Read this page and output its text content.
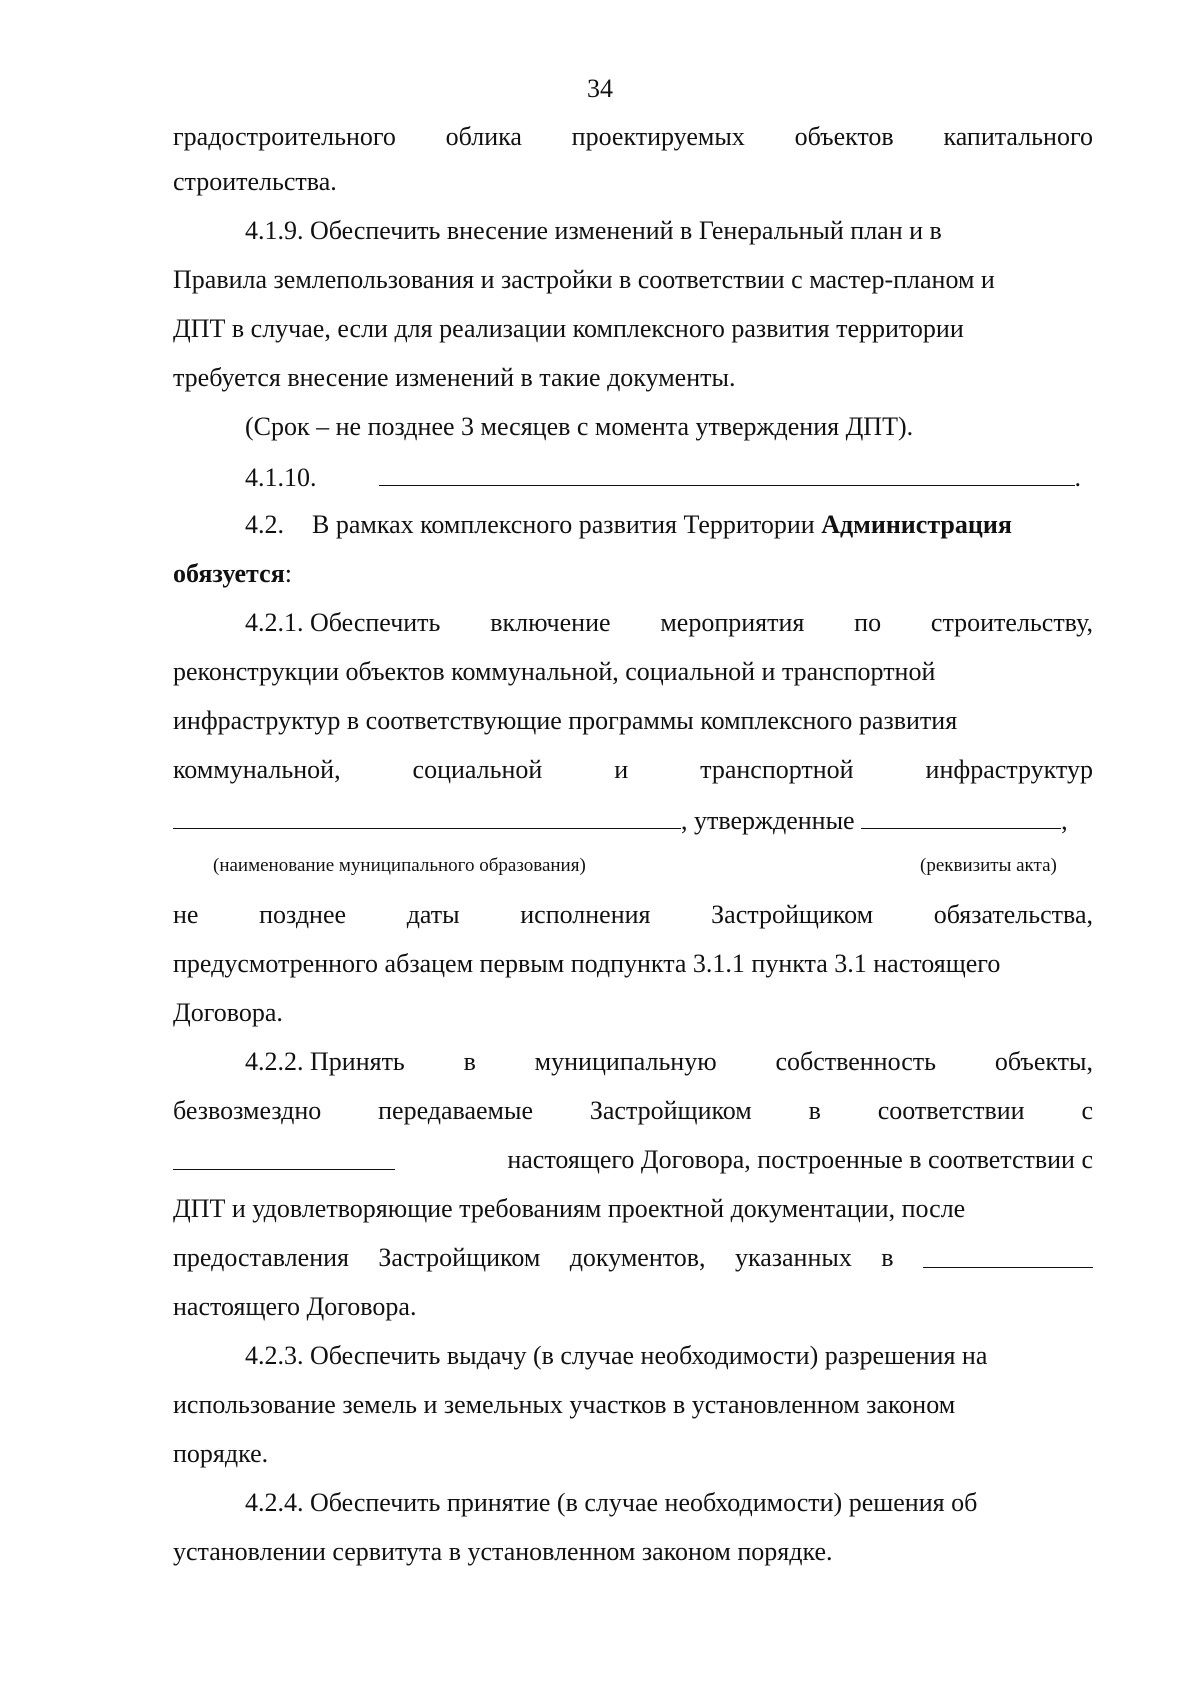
34
градостроительного облика проектируемых объектов капитального
строительства.
4.1.9. Обеспечить внесение изменений в Генеральный план и в
Правила землепользования и застройки в соответствии с мастер-планом и
ДПТ в случае, если для реализации комплексного развития территории
требуется внесение изменений в такие документы.
(Срок – не позднее 3 месяцев с момента утверждения ДПТ).
4.1.10.	.
4.2. В рамках комплексного развития Территории Администрация
обязуется:
4.2.1. Обеспечить включение мероприятия по строительству,
реконструкции объектов коммунальной, социальной и транспортной
инфраструктур в соответствующие программы комплексного развития
коммунальной,	социальной	и	транспортной	инфраструктур
, утвержденные	,
(наименование муниципального образования)	(реквизиты акта)
не позднее даты исполнения Застройщиком обязательства,
предусмотренного абзацем первым подпункта 3.1.1 пункта 3.1 настоящего
Договора.
4.2.2. Принять в муниципальную собственность объекты,
безвозмездно передаваемые Застройщиком в соответствии с
настоящего Договора, построенные в соответствии с
ДПТ и удовлетворяющие требованиям проектной документации, после
предоставления Застройщиком документов, указанных в
настоящего Договора.
4.2.3. Обеспечить выдачу (в случае необходимости) разрешения на
использование земель и земельных участков в установленном законом
порядке.
4.2.4. Обеспечить принятие (в случае необходимости) решения об
установлении сервитута в установленном законом порядке.
